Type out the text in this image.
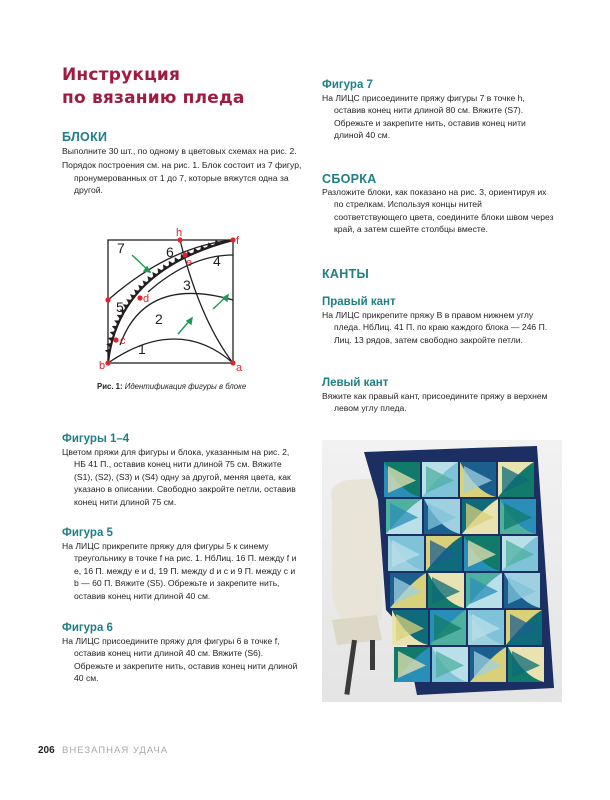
Инструкция
по вязанию пледа
БЛОКИ

Выполните 30 шт., по одному в цветовых схемах на рис. 2.

Порядок построения см. на рис. 1. Блок состоит из 7 фигур, пронумерованных от 1 до 7, которые вяжутся одна за другой.

1
2
3
4
5
6
7
a
b
c
d
e
f
h
Рис. 1: Идентификация фигуры в блоке
Фигуры 1–4

Цветом пряжи для фигуры и блока, указанным на рис. 2, НБ 41 П., оставив конец нити длиной 75 см. Вяжите (S1), (S2), (S3) и (S4) одну за другой, меняя цвета, как указано в описании. Свободно закройте петли, оставив конец нити длиной 75 см.

Фигура 5

На ЛИЦС прикрепите пряжу для фигуры 5 к синему треугольнику в точке f на рис. 1. НбЛиц. 16 П. между f и e, 16 П. между e и d, 19 П. между d и c и 9 П. между c и b — 60 П. Вяжите (S5). Обрежьте и закрепите нить, оставив конец нити длиной 40 см.

Фигура 6

На ЛИЦС присоедините пряжу для фигуры 6 в точке f, оставив конец нити длиной 40 см. Вяжите (S6). Обрежьте и закрепите нить, оставив конец нити длиной 40 см.

Фигура 7

На ЛИЦС присоедините пряжу фигуры 7 в точке h, оставив конец нити длиной 80 см. Вяжите (S7). Обрежьте и закрепите нить, оставив конец нити длиной 40 см.

СБОРКА

Разложите блоки, как показано на рис. 3, ориентируя их по стрелкам. Используя концы нитей соответствующего цвета, соедините блоки швом через край, а затем сшейте столбцы вместе.

КАНТЫ
Правый кант

На ЛИЦС прикрепите пряжу B в правом нижнем углу пледа. НбЛиц. 41 П. по краю каждого блока — 246 П. Лиц. 13 рядов, затем свободно закройте петли.

Левый кант

Вяжите как правый кант, присоедините пряжу в верхнем левом углу пледа.

206 ВНЕЗАПНАЯ УДАЧА
PassionForum.ru
